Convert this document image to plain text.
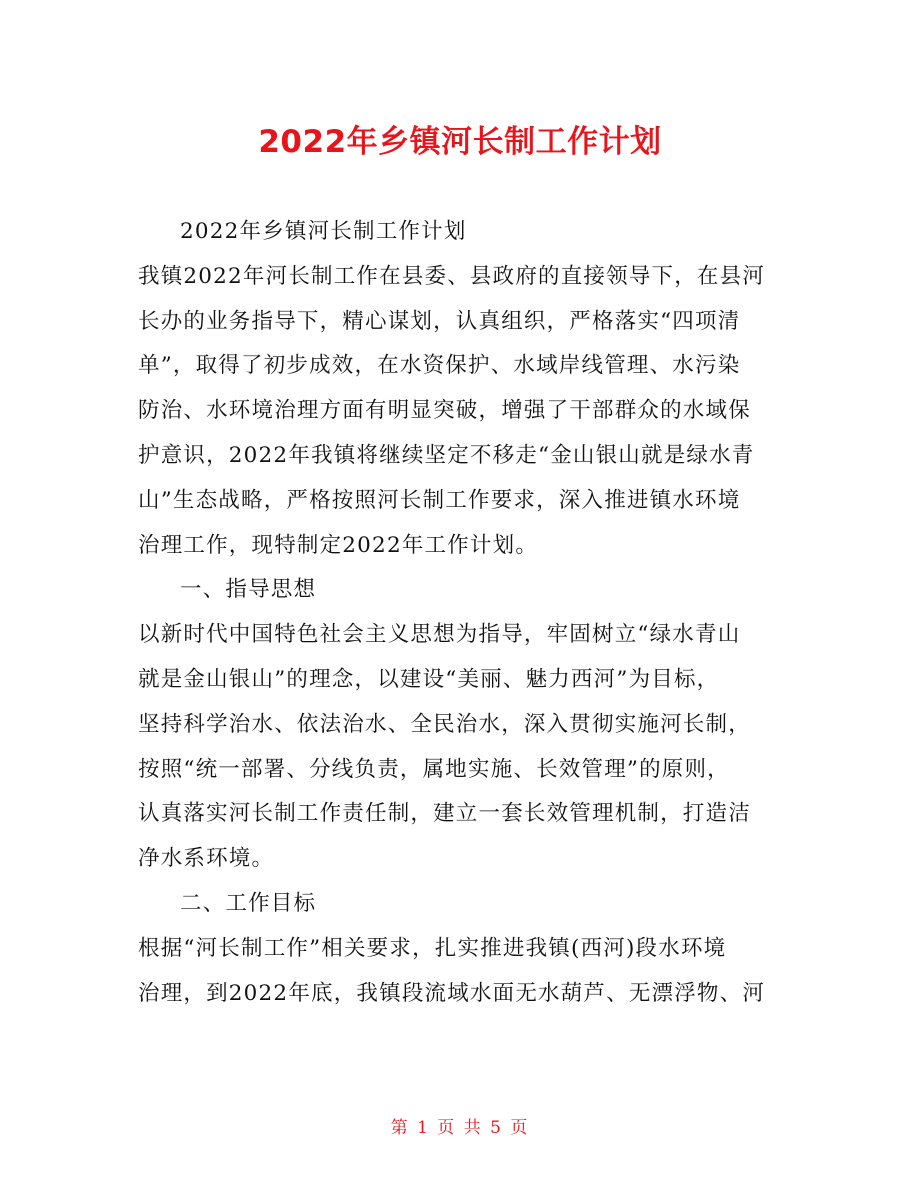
2022年乡镇河长制工作计划
2022年乡镇河长制工作计划
我镇2022年河长制工作在县委、县政府的直接领导下，在县河
长办的业务指导下，精心谋划，认真组织，严格落实“四项清
单”，取得了初步成效，在水资保护、水域岸线管理、水污染
防治、水环境治理方面有明显突破，增强了干部群众的水域保
护意识，2022年我镇将继续坚定不移走“金山银山就是绿水青
山”生态战略，严格按照河长制工作要求，深入推进镇水环境
治理工作，现特制定2022年工作计划。
一、指导思想
以新时代中国特色社会主义思想为指导，牢固树立“绿水青山
就是金山银山”的理念，以建设“美丽、魅力西河”为目标，
坚持科学治水、依法治水、全民治水，深入贯彻实施河长制，
按照“统一部署、分线负责，属地实施、长效管理”的原则，
认真落实河长制工作责任制，建立一套长效管理机制，打造洁
净水系环境。
二、工作目标
根据“河长制工作”相关要求，扎实推进我镇(西河)段水环境
治理，到2022年底，我镇段流域水面无水葫芦、无漂浮物、河
第 1 页 共 5 页
